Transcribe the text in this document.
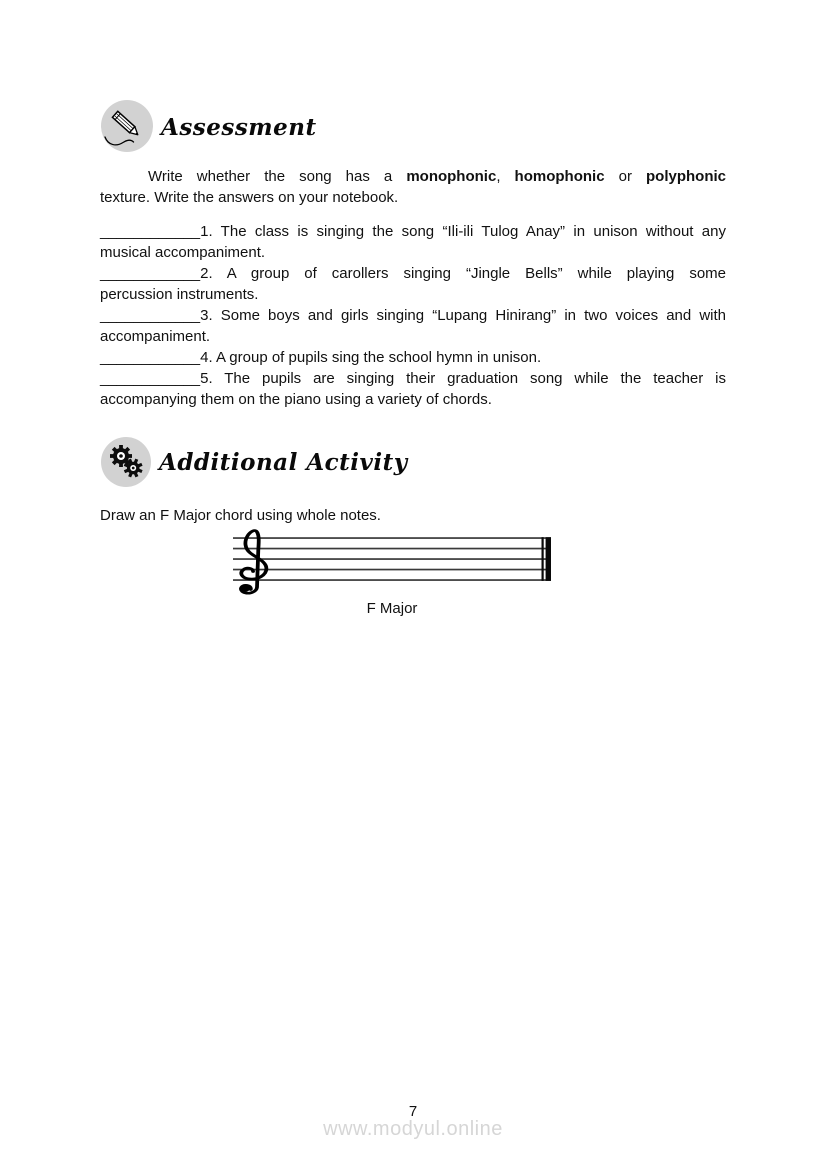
Assessment
Write whether the song has a monophonic, homophonic or polyphonic
texture. Write the answers on your notebook.
____________1. The class is singing the song “Ili-ili Tulog Anay” in unison without any
musical accompaniment.
____________2. A group of carollers singing “Jingle Bells” while playing some
percussion instruments.
____________3. Some boys and girls singing “Lupang Hinirang” in two voices and with
accompaniment.
____________4. A group of pupils sing the school hymn in unison.
____________5. The pupils are singing their graduation song while the teacher is
accompanying them on the piano using a variety of chords.
Additional Activity
Draw an F Major chord using whole notes.
F Major
7
www.modyul.online
